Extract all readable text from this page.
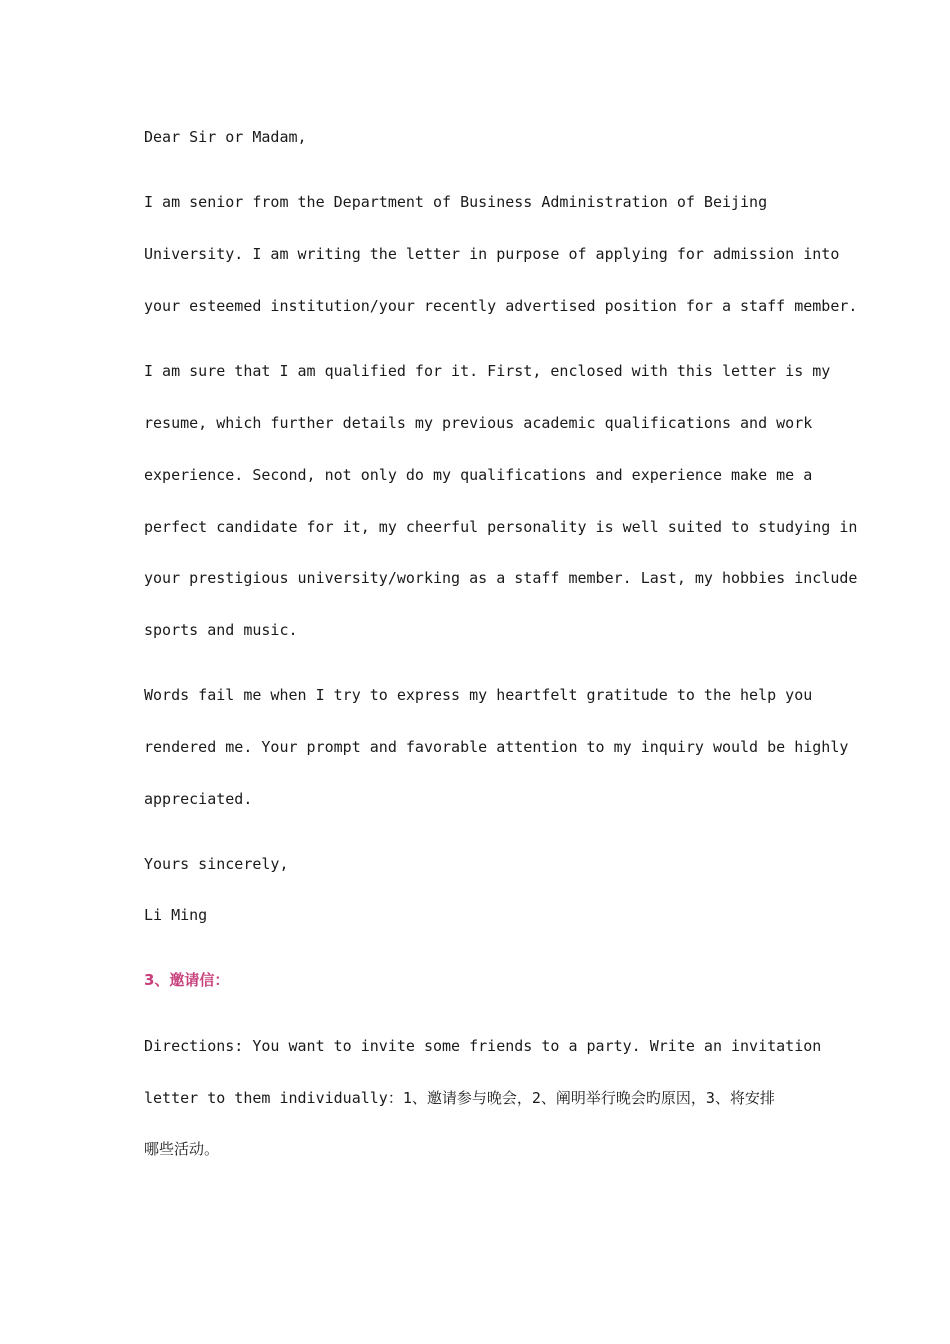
Dear Sir or Madam,
I am senior from the Department of Business Administration of Beijing
University. I am writing the letter in purpose of applying for admission into
your esteemed institution/your recently advertised position for a staff member.
I am sure that I am qualified for it. First, enclosed with this letter is my
resume, which further details my previous academic qualifications and work
experience. Second, not only do my qualifications and experience make me a
perfect candidate for it, my cheerful personality is well suited to studying in
your prestigious university/working as a staff member. Last, my hobbies include
sports and music.
Words fail me when I try to express my heartfelt gratitude to the help you
rendered me. Your prompt and favorable attention to my inquiry would be highly
appreciated.
Yours sincerely,
Li Ming
3、邀请信：
Directions: You want to invite some friends to a party. Write an invitation
letter to them individually：1、邀请参与晚会，2、阐明举行晚会旳原因，3、将安排
哪些活动。
